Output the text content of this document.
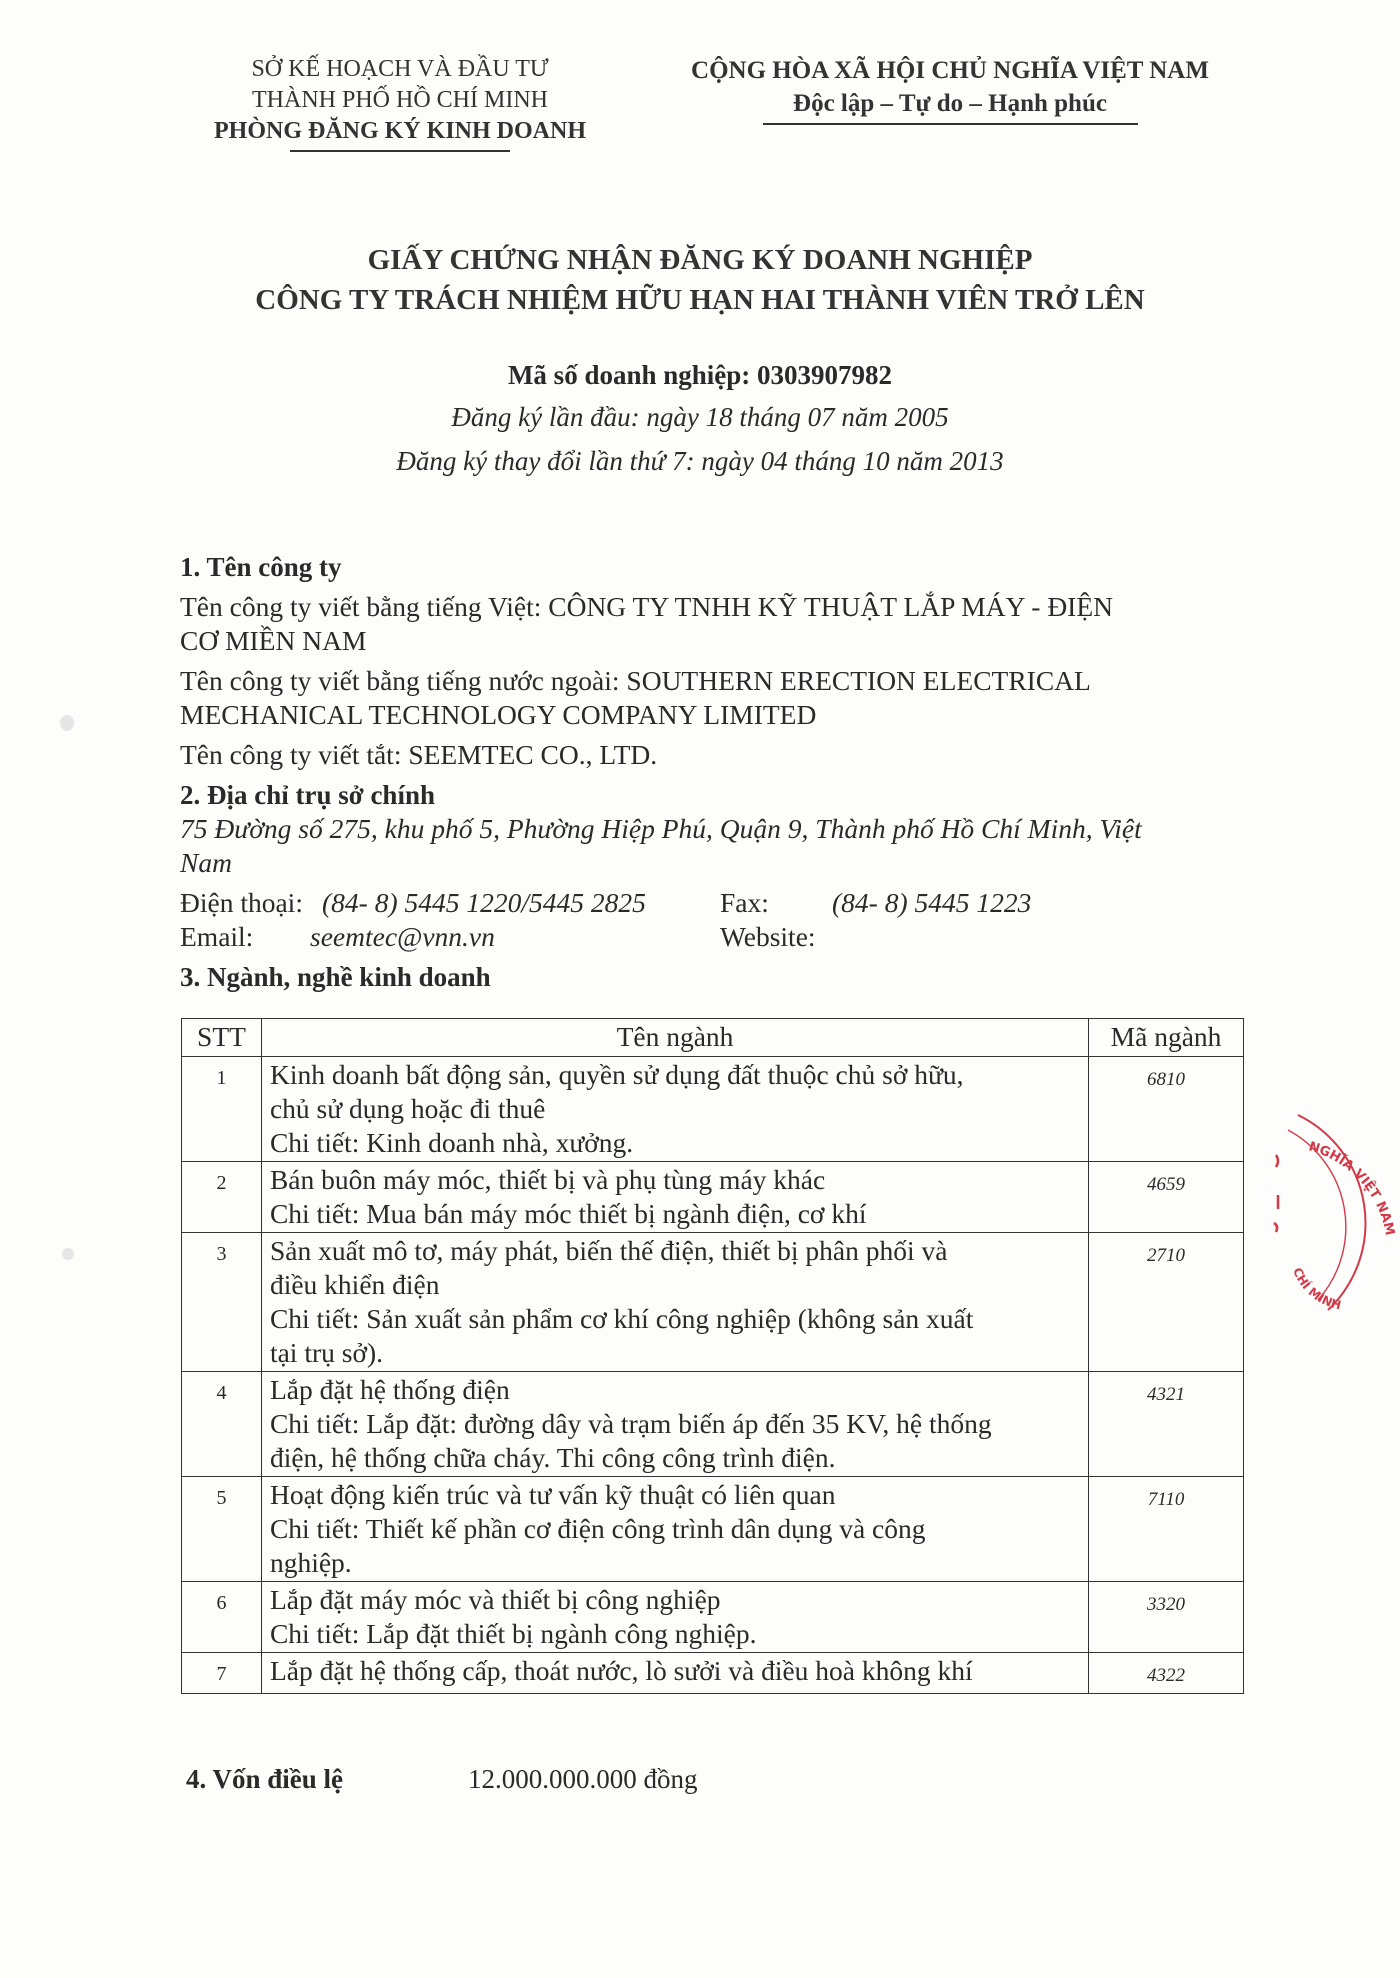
SỞ KẾ HOẠCH VÀ ĐẦU TƯ
THÀNH PHỐ HỒ CHÍ MINH
PHÒNG ĐĂNG KÝ KINH DOANH
CỘNG HÒA XÃ HỘI CHỦ NGHĨA VIỆT NAM
Độc lập – Tự do – Hạnh phúc
GIẤY CHỨNG NHẬN ĐĂNG KÝ DOANH NGHIỆP
CÔNG TY TRÁCH NHIỆM HỮU HẠN HAI THÀNH VIÊN TRỞ LÊN
Mã số doanh nghiệp: 0303907982
Đăng ký lần đầu: ngày 18 tháng 07 năm 2005
Đăng ký thay đổi lần thứ 7: ngày 04 tháng 10 năm 2013
1. Tên công ty
Tên công ty viết bằng tiếng Việt: CÔNG TY TNHH KỸ THUẬT LẮP MÁY - ĐIỆN
CƠ MIỀN NAM
Tên công ty viết bằng tiếng nước ngoài: SOUTHERN ERECTION ELECTRICAL
MECHANICAL TECHNOLOGY COMPANY LIMITED
Tên công ty viết tắt: SEEMTEC CO., LTD.
2. Địa chỉ trụ sở chính
75 Đường số 275, khu phố 5, Phường Hiệp Phú, Quận 9, Thành phố Hồ Chí Minh, Việt
Nam
Điện thoại: (84- 8) 5445 1220/5445 2825	Fax: (84- 8) 5445 1223
Email: seemtec@vnn.vn	Website:
3. Ngành, nghề kinh doanh
STT	Tên ngành	Mã ngành
1	Kinh doanh bất động sản, quyền sử dụng đất thuộc chủ sở hữu,
chủ sử dụng hoặc đi thuê
Chi tiết: Kinh doanh nhà, xưởng.	6810
2	Bán buôn máy móc, thiết bị và phụ tùng máy khác
Chi tiết: Mua bán máy móc thiết bị ngành điện, cơ khí	4659
3	Sản xuất mô tơ, máy phát, biến thế điện, thiết bị phân phối và
điều khiển điện
Chi tiết: Sản xuất sản phẩm cơ khí công nghiệp (không sản xuất
tại trụ sở).	2710
4	Lắp đặt hệ thống điện
Chi tiết: Lắp đặt: đường dây và trạm biến áp đến 35 KV, hệ thống
điện, hệ thống chữa cháy. Thi công công trình điện.	4321
5	Hoạt động kiến trúc và tư vấn kỹ thuật có liên quan
Chi tiết: Thiết kế phần cơ điện công trình dân dụng và công
nghiệp.	7110
6	Lắp đặt máy móc và thiết bị công nghiệp
Chi tiết: Lắp đặt thiết bị ngành công nghiệp.	3320
7	Lắp đặt hệ thống cấp, thoát nước, lò sưởi và điều hoà không khí	4322
4. Vốn điều lệ	12.000.000.000 đồng
NGHĨA VIỆT NAM
CHÍ MINH
